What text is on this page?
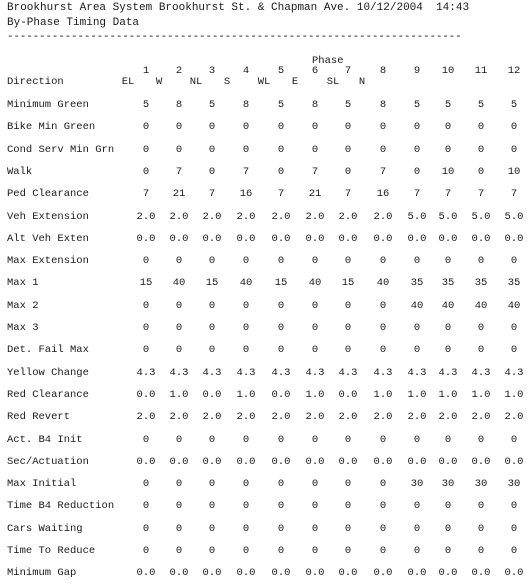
Brookhurst Area System Brookhurst St. & Chapman Ave. 10/12/2004  14:43
By-Phase Timing Data
-----------------------------------------------------------------------
Phase
Direction
1	2	3	4	5	6	7	8	9	10	11	12
EL	W	NL	S	WL	E	SL	N
Minimum Green	5	8	5	8	5	8	5	8	5	5	5	5
Bike Min Green	0	0	0	0	0	0	0	0	0	0	0	0
Cond Serv Min Grn	0	0	0	0	0	0	0	0	0	0	0	0
Walk	0	7	0	7	0	7	0	7	0	10	0	10
Ped Clearance	7	21	7	16	7	21	7	16	7	7	7	7
Veh Extension	2.0	2.0	2.0	2.0	2.0	2.0	2.0	2.0	5.0	5.0	5.0	5.0
Alt Veh Exten	0.0	0.0	0.0	0.0	0.0	0.0	0.0	0.0	0.0	0.0	0.0	0.0
Max Extension	0	0	0	0	0	0	0	0	0	0	0	0
Max 1	15	40	15	40	15	40	15	40	35	35	35	35
Max 2	0	0	0	0	0	0	0	0	40	40	40	40
Max 3	0	0	0	0	0	0	0	0	0	0	0	0
Det. Fail Max	0	0	0	0	0	0	0	0	0	0	0	0
Yellow Change	4.3	4.3	4.3	4.3	4.3	4.3	4.3	4.3	4.3	4.3	4.3	4.3
Red Clearance	0.0	1.0	0.0	1.0	0.0	1.0	0.0	1.0	1.0	1.0	1.0	1.0
Red Revert	2.0	2.0	2.0	2.0	2.0	2.0	2.0	2.0	2.0	2.0	2.0	2.0
Act. B4 Init	0	0	0	0	0	0	0	0	0	0	0	0
Sec/Actuation	0.0	0.0	0.0	0.0	0.0	0.0	0.0	0.0	0.0	0.0	0.0	0.0
Max Initial	0	0	0	0	0	0	0	0	30	30	30	30
Time B4 Reduction	0	0	0	0	0	0	0	0	0	0	0	0
Cars Waiting	0	0	0	0	0	0	0	0	0	0	0	0
Time To Reduce	0	0	0	0	0	0	0	0	0	0	0	0
Minimum Gap	0.0	0.0	0.0	0.0	0.0	0.0	0.0	0.0	0.0	0.0	0.0	0.0
